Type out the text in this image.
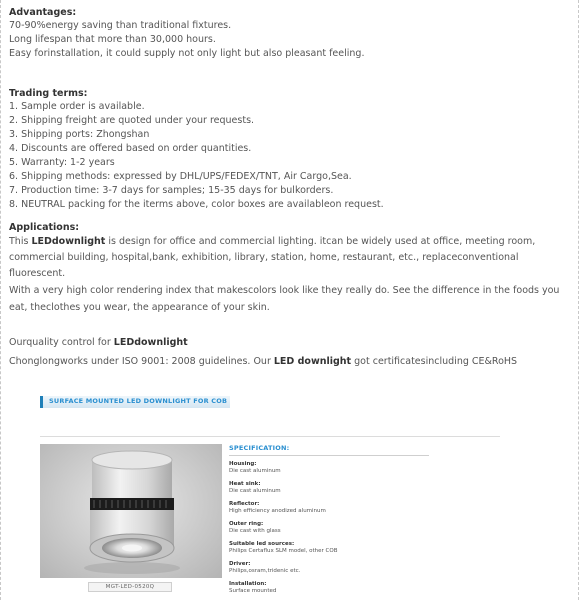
Advantages:
70-90%energy saving than traditional fixtures.
Long lifespan that more than 30,000 hours.
Easy forinstallation, it could supply not only light but also pleasant feeling.
Trading terms:
1. Sample order is available.
2. Shipping freight are quoted under your requests.
3. Shipping ports: Zhongshan
4. Discounts are offered based on order quantities.
5. Warranty: 1-2 years
6. Shipping methods: expressed by DHL/UPS/FEDEX/TNT, Air Cargo,Sea.
7. Production time: 3-7 days for samples; 15-35 days for bulkorders.
8. NEUTRAL packing for the iterms above, color boxes are availableon request.
Applications:
This LEDdownlight is design for office and commercial lighting. itcan be widely used at office, meeting room, commercial building, hospital,bank, exhibition, library, station, home, restaurant, etc., replaceconventional fluorescent.
With a very high color rendering index that makescolors look like they really do. See the difference in the foods you eat, theclothes you wear, the appearance of your skin.
Ourquality control for LEDdownlight
Chonglongworks under ISO 9001: 2008 guidelines. Our LED downlight got certificatesincluding CE&RoHS
SURFACE MOUNTED LED DOWNLIGHT FOR COB
MGT-LED-0520Q
SPECIFICATION:
Housing:
Die cast aluminum
Heat sink:
Die cast aluminum
Reflector:
High efficiency anodized aluminum
Outer ring:
Die cast with glass
Suitable led sources:
Philips Certaflux SLM model, other COB
Driver:
Philips,osram,tridenic etc.
Installation:
Surface mounted
